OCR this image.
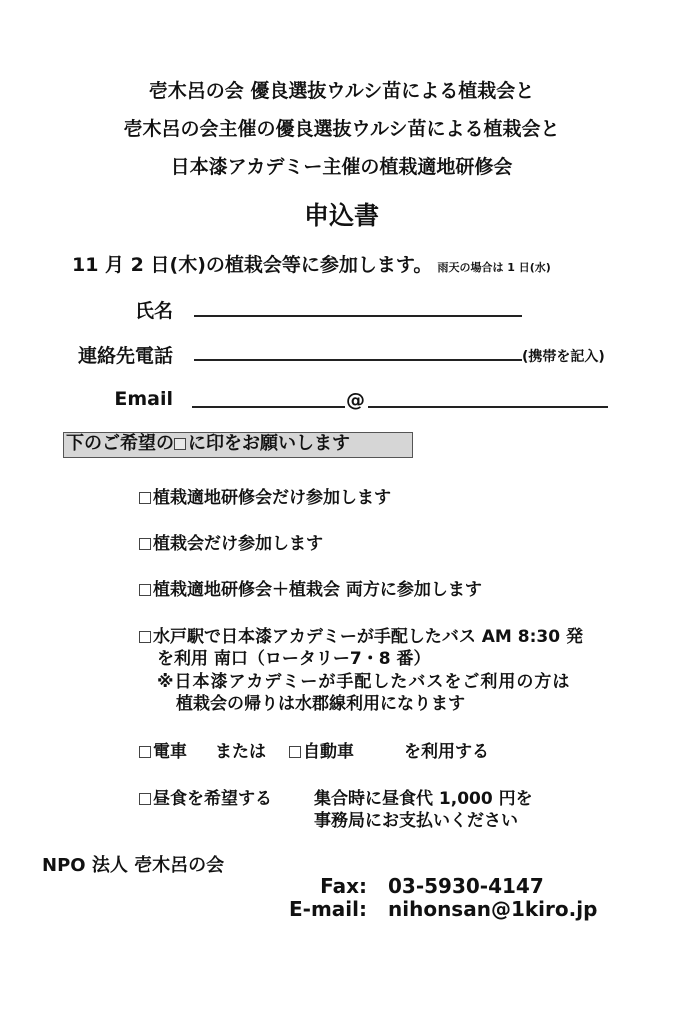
壱木呂の会 優良選抜ウルシ苗による植栽会と
壱木呂の会主催の優良選抜ウルシ苗による植栽会と
日本漆アカデミー主催の植栽適地研修会
申込書
11 月 2 日(木)の植栽会等に参加します。 雨天の場合は 1 日(水)
氏名
連絡先電話	(携帯を記入)
Email	@
下のご希望の に印をお願いします
植栽適地研修会だけ参加します
植栽会だけ参加します
植栽適地研修会＋植栽会 両方に参加します
水戸駅で日本漆アカデミーが手配したバス AM 8:30 発
を利用 南口（ロータリー7・8 番）
※日本漆アカデミーが手配したバスをご利用の方は
植栽会の帰りは水郡線利用になります
電車 または	自動車	を利用する
昼食を希望する 集合時に昼食代 1,000 円を
事務局にお支払いください
NPO 法人 壱木呂の会
Fax: 03-5930-4147
E-mail: nihonsan@1kiro.jp
